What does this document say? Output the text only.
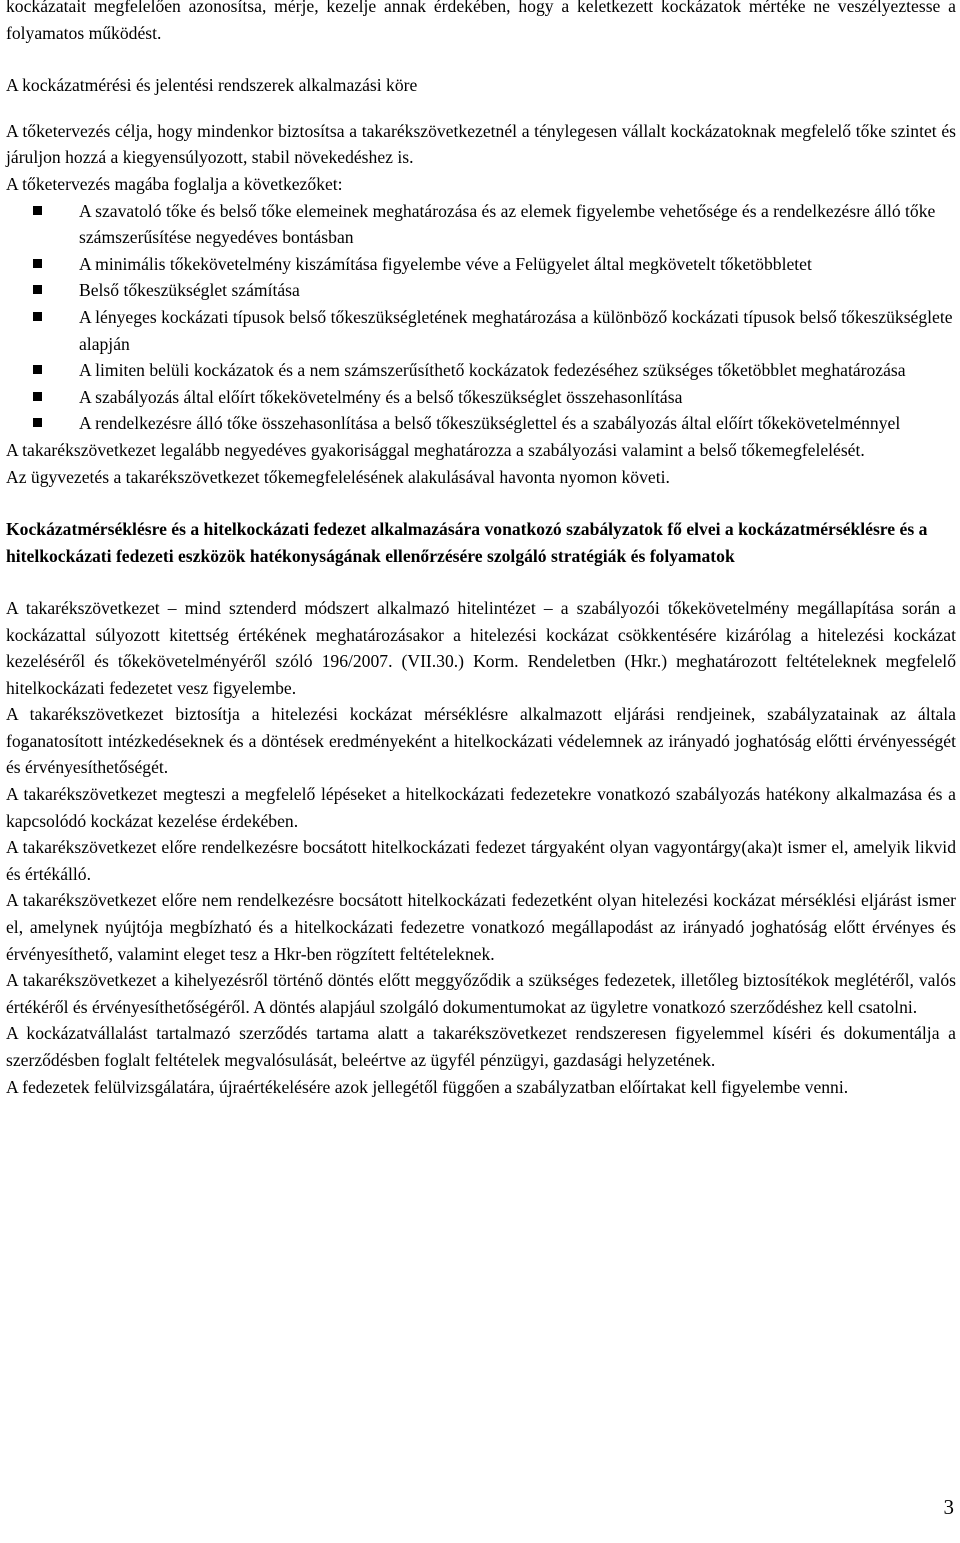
kockázatait megfelelően azonosítsa, mérje, kezelje annak érdekében, hogy a keletkezett kockázatok mértéke ne veszélyeztesse a folyamatos működést.

A kockázatmérési és jelentési rendszerek alkalmazási köre

A tőketervezés célja, hogy mindenkor biztosítsa a takarékszövetkezetnél a ténylegesen vállalt kockázatoknak megfelelő tőke szintet és járuljon hozzá a kiegyensúlyozott, stabil növekedéshez is.

A tőketervezés magába foglalja a következőket:

A szavatoló tőke és belső tőke elemeinek meghatározása és az elemek figyelembe vehetősége és a rendelkezésre álló tőke számszerűsítése negyedéves bontásban
A minimális tőkekövetelmény kiszámítása figyelembe véve a Felügyelet által megkövetelt tőketöbbletet
Belső tőkeszükséglet számítása
A lényeges kockázati típusok belső tőkeszükségletének meghatározása a különböző kockázati típusok belső tőkeszükséglete alapján
A limiten belüli kockázatok és a nem számszerűsíthető kockázatok fedezéséhez szükséges tőketöbblet meghatározása
A szabályozás által előírt tőkekövetelmény és a belső tőkeszükséglet összehasonlítása
A rendelkezésre álló tőke összehasonlítása a belső tőkeszükséglettel és a szabályozás által előírt tőkekövetelménnyel

A takarékszövetkezet legalább negyedéves gyakorisággal meghatározza a szabályozási valamint a belső tőkemegfelelését.

Az ügyvezetés a takarékszövetkezet tőkemegfelelésének alakulásával havonta nyomon követi.

Kockázatmérséklésre és a hitelkockázati fedezet alkalmazására vonatkozó szabályzatok fő elvei a kockázatmérséklésre és a hitelkockázati fedezeti eszközök hatékonyságának ellenőrzésére szolgáló stratégiák és folyamatok

A takarékszövetkezet – mind sztenderd módszert alkalmazó hitelintézet – a szabályozói tőkekövetelmény megállapítása során a kockázattal súlyozott kitettség értékének meghatározásakor a hitelezési kockázat csökkentésére kizárólag a hitelezési kockázat kezeléséről és tőkekövetelményéről szóló 196/2007. (VII.30.) Korm. Rendeletben (Hkr.) meghatározott feltételeknek megfelelő hitelkockázati fedezetet vesz figyelembe.

A takarékszövetkezet biztosítja a hitelezési kockázat mérséklésre alkalmazott eljárási rendjeinek, szabályzatainak az általa foganatosított intézkedéseknek és a döntések eredményeként a hitelkockázati védelemnek az irányadó joghatóság előtti érvényességét és érvényesíthetőségét.

A takarékszövetkezet megteszi a megfelelő lépéseket a hitelkockázati fedezetekre vonatkozó szabályozás hatékony alkalmazása és a kapcsolódó kockázat kezelése érdekében.

A takarékszövetkezet előre rendelkezésre bocsátott hitelkockázati fedezet tárgyaként olyan vagyontárgy(aka)t ismer el, amelyik likvid és értékálló.

A takarékszövetkezet előre nem rendelkezésre bocsátott hitelkockázati fedezetként olyan hitelezési kockázat mérséklési eljárást ismer el, amelynek nyújtója megbízható és a hitelkockázati fedezetre vonatkozó megállapodást az irányadó joghatóság előtt érvényes és érvényesíthető, valamint eleget tesz a Hkr-ben rögzített feltételeknek.

A takarékszövetkezet a kihelyezésről történő döntés előtt meggyőződik a szükséges fedezetek, illetőleg biztosítékok meglétéről, valós értékéről és érvényesíthetőségéről. A döntés alapjául szolgáló dokumentumokat az ügyletre vonatkozó szerződéshez kell csatolni.

A kockázatvállalást tartalmazó szerződés tartama alatt a takarékszövetkezet rendszeresen figyelemmel kíséri és dokumentálja a szerződésben foglalt feltételek megvalósulását, beleértve az ügyfél pénzügyi, gazdasági helyzetének.

A fedezetek felülvizsgálatára, újraértékelésére azok jellegétől függően a szabályzatban előírtakat kell figyelembe venni.

3
